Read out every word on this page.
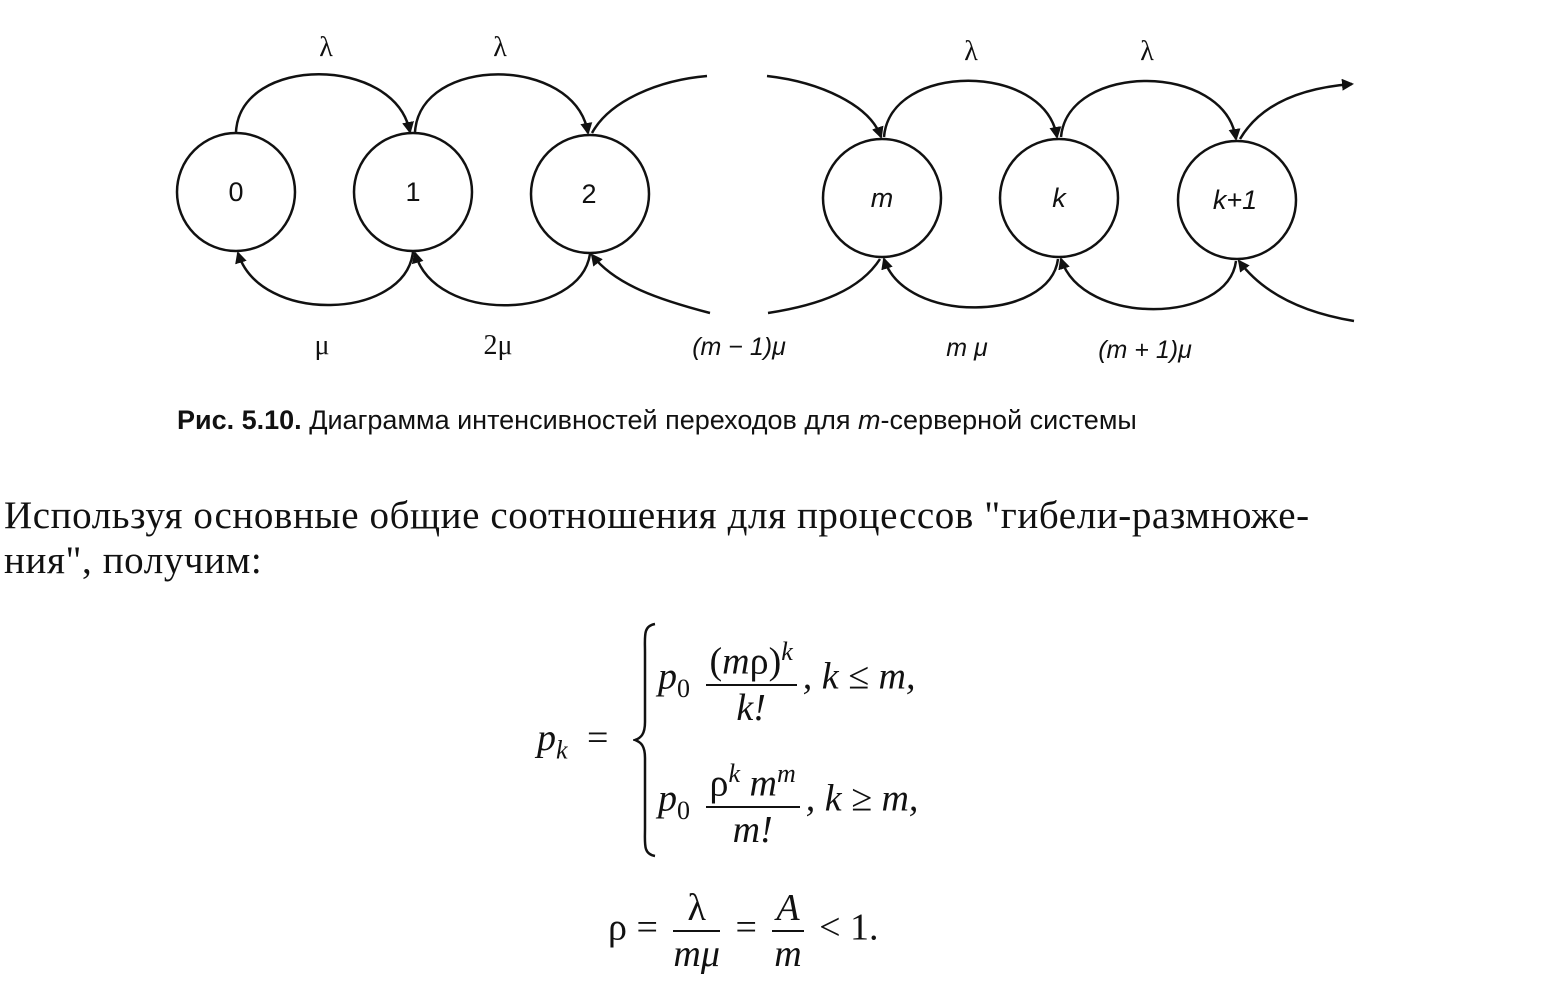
0	1	2	m	k	k+1
λ	λ	λ	λ
μ	2μ	(m − 1)μ	m μ	(m + 1)μ
Рис. 5.10. Диаграмма интенсивностей переходов для m-серверной системы

Используя основные общие соотношения для процессов "гибели-размноже-
ния", получим:

$p_k$ =
$p_0 \frac{(m\rho)^k}{k!}$ , k ≤ m,
$p_0 \frac{\rho^k m^m}{m!}$ , k ≥ m,
$\rho = \frac{\lambda}{m\mu} = \frac{A}{m} < 1$.
